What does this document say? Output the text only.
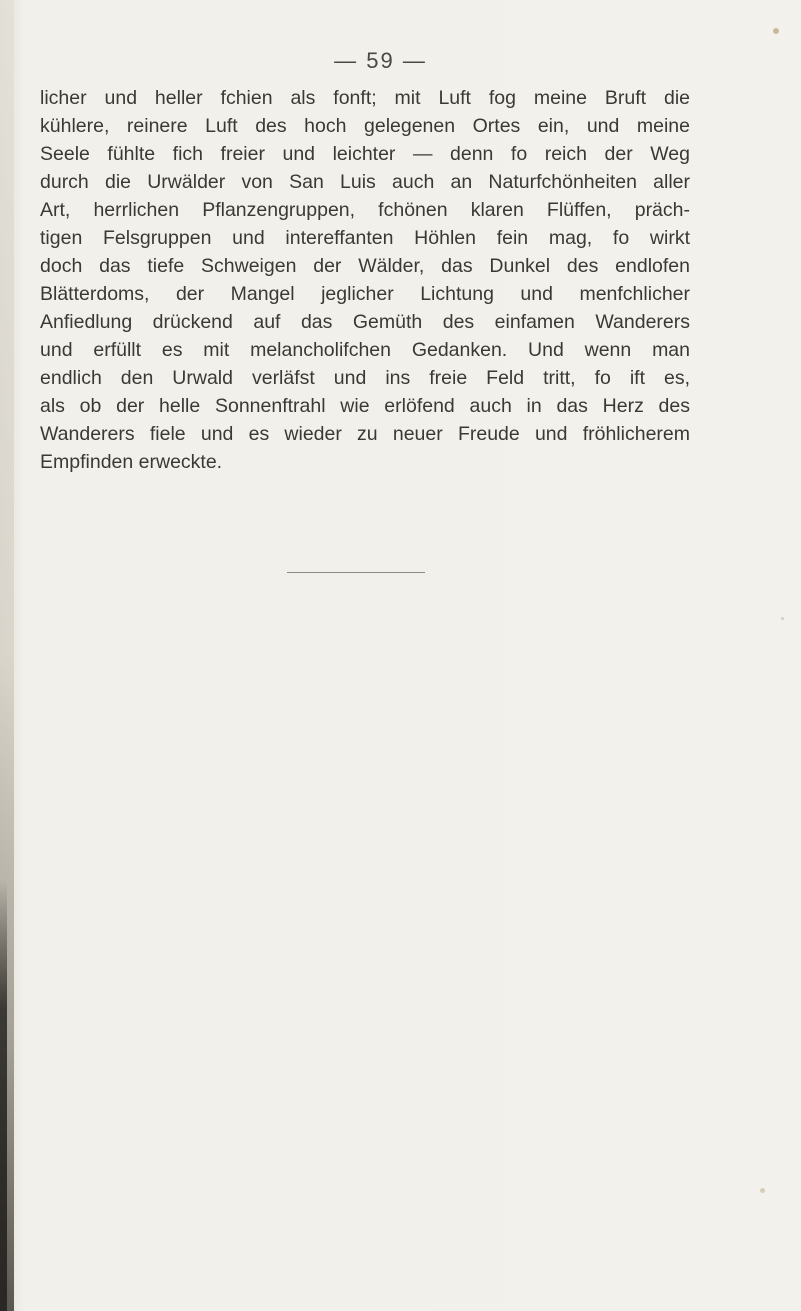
— 59 —
licher und heller fchien als fonft; mit Luft fog meine Bruft die
kühlere, reinere Luft des hoch gelegenen Ortes ein, und meine
Seele fühlte fich freier und leichter — denn fo reich der Weg
durch die Urwälder von San Luis auch an Naturfchönheiten aller
Art, herrlichen Pflanzengruppen, fchönen klaren Flüffen, präch-
tigen Felsgruppen und intereffanten Höhlen fein mag, fo wirkt
doch das tiefe Schweigen der Wälder, das Dunkel des endlofen
Blätterdoms, der Mangel jeglicher Lichtung und menfchlicher
Anfiedlung drückend auf das Gemüth des einfamen Wanderers
und erfüllt es mit melancholifchen Gedanken. Und wenn man
endlich den Urwald verläfst und ins freie Feld tritt, fo ift es,
als ob der helle Sonnenftrahl wie erlöfend auch in das Herz des
Wanderers fiele und es wieder zu neuer Freude und fröhlicherem
Empfinden erweckte.
